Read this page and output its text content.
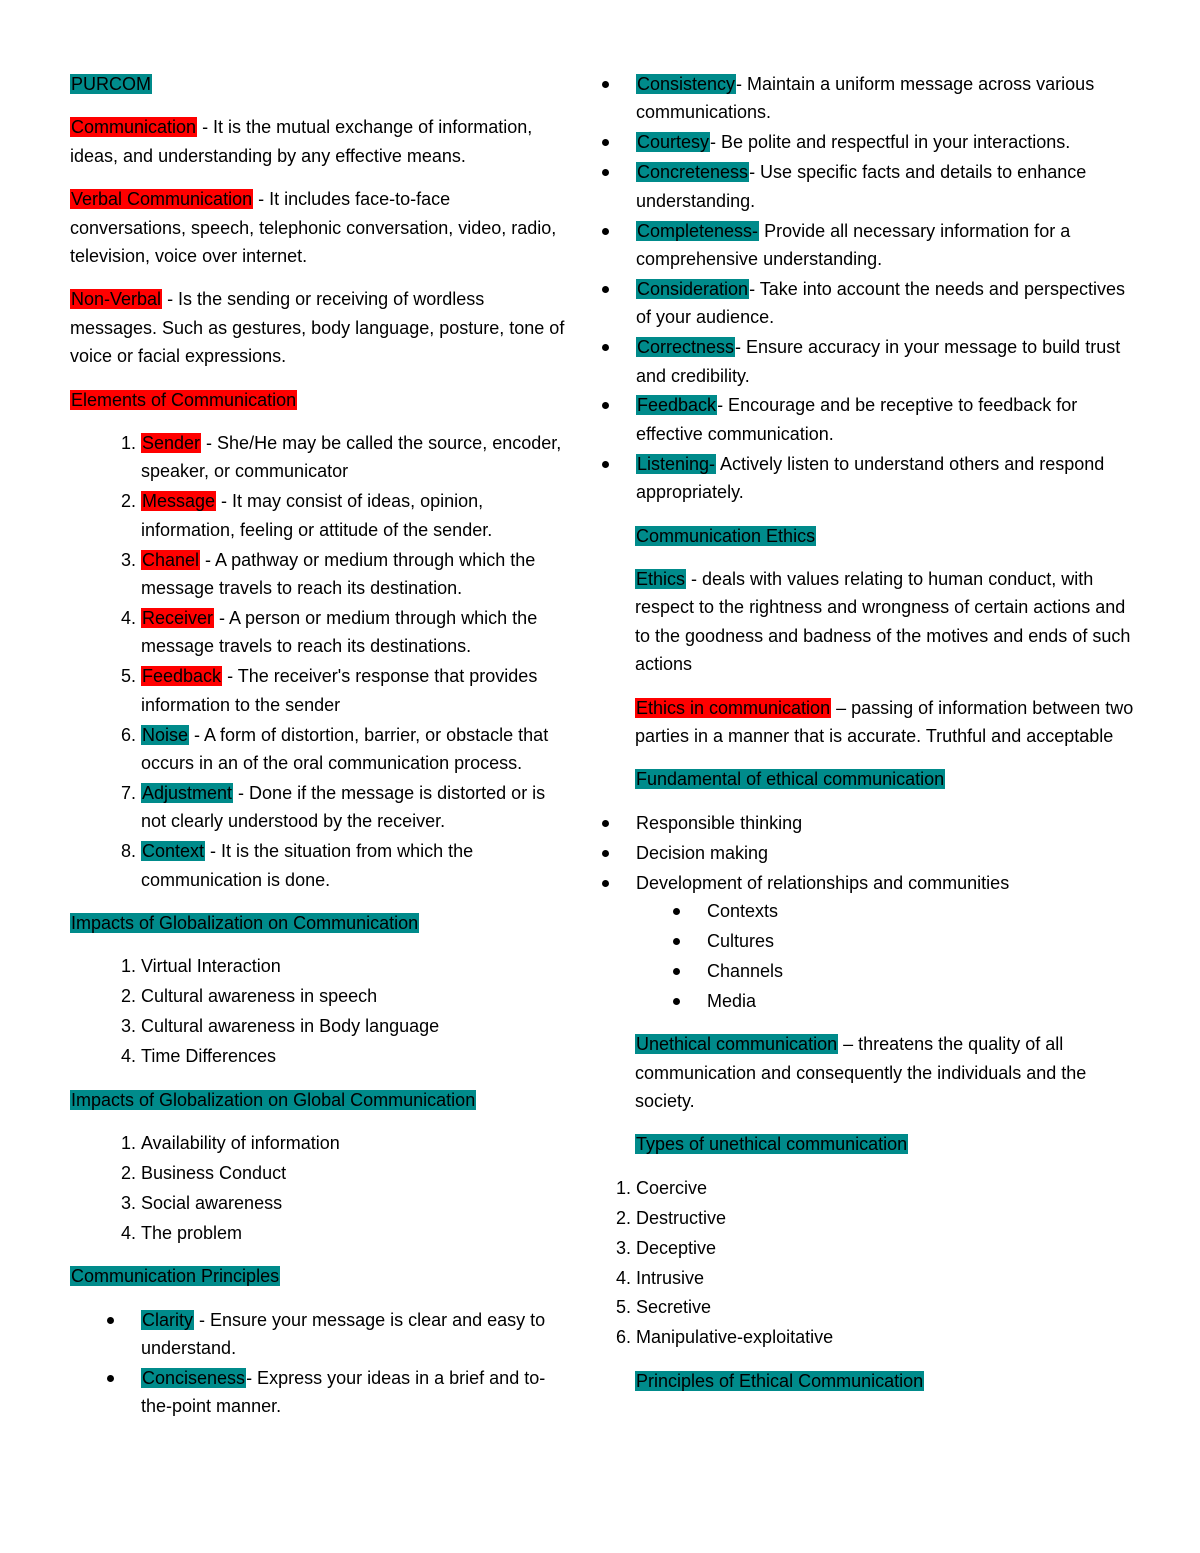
PURCOM

Communication - It is the mutual exchange of information, ideas, and understanding by any effective means.

Verbal Communication - It includes face-to-face conversations, speech, telephonic conversation, video, radio, television, voice over internet.

Non-Verbal - Is the sending or receiving of wordless messages. Such as gestures, body language, posture, tone of voice or facial expressions.

Elements of Communication

1. Sender - She/He may be called the source, encoder, speaker, or communicator
2. Message - It may consist of ideas, opinion, information, feeling or attitude of the sender.
3. Chanel - A pathway or medium through which the message travels to reach its destination.
4. Receiver - A person or medium through which the message travels to reach its destinations.
5. Feedback - The receiver's response that provides information to the sender
6. Noise - A form of distortion, barrier, or obstacle that occurs in an of the oral communication process.
7. Adjustment - Done if the message is distorted or is not clearly understood by the receiver.
8. Context - It is the situation from which the communication is done.

Impacts of Globalization on Communication

1. Virtual Interaction
2. Cultural awareness in speech
3. Cultural awareness in Body language
4. Time Differences

Impacts of Globalization on Global Communication

1. Availability of information
2. Business Conduct
3. Social awareness
4. The problem

Communication Principles

Clarity - Ensure your message is clear and easy to understand.
Conciseness- Express your ideas in a brief and to-the-point manner.
Consistency- Maintain a uniform message across various communications.
Courtesy- Be polite and respectful in your interactions.
Concreteness- Use specific facts and details to enhance understanding.
Completeness- Provide all necessary information for a comprehensive understanding.
Consideration- Take into account the needs and perspectives of your audience.
Correctness- Ensure accuracy in your message to build trust and credibility.
Feedback- Encourage and be receptive to feedback for effective communication.
Listening- Actively listen to understand others and respond appropriately.

Communication Ethics

Ethics - deals with values relating to human conduct, with respect to the rightness and wrongness of certain actions and to the goodness and badness of the motives and ends of such actions

Ethics in communication – passing of information between two parties in a manner that is accurate. Truthful and acceptable

Fundamental of ethical communication

Responsible thinking
Decision making
Development of relationships and communities
Contexts
Cultures
Channels
Media

Unethical communication – threatens the quality of all communication and consequently the individuals and the society.

Types of unethical communication

1. Coercive
2. Destructive
3. Deceptive
4. Intrusive
5. Secretive
6. Manipulative-exploitative

Principles of Ethical Communication
